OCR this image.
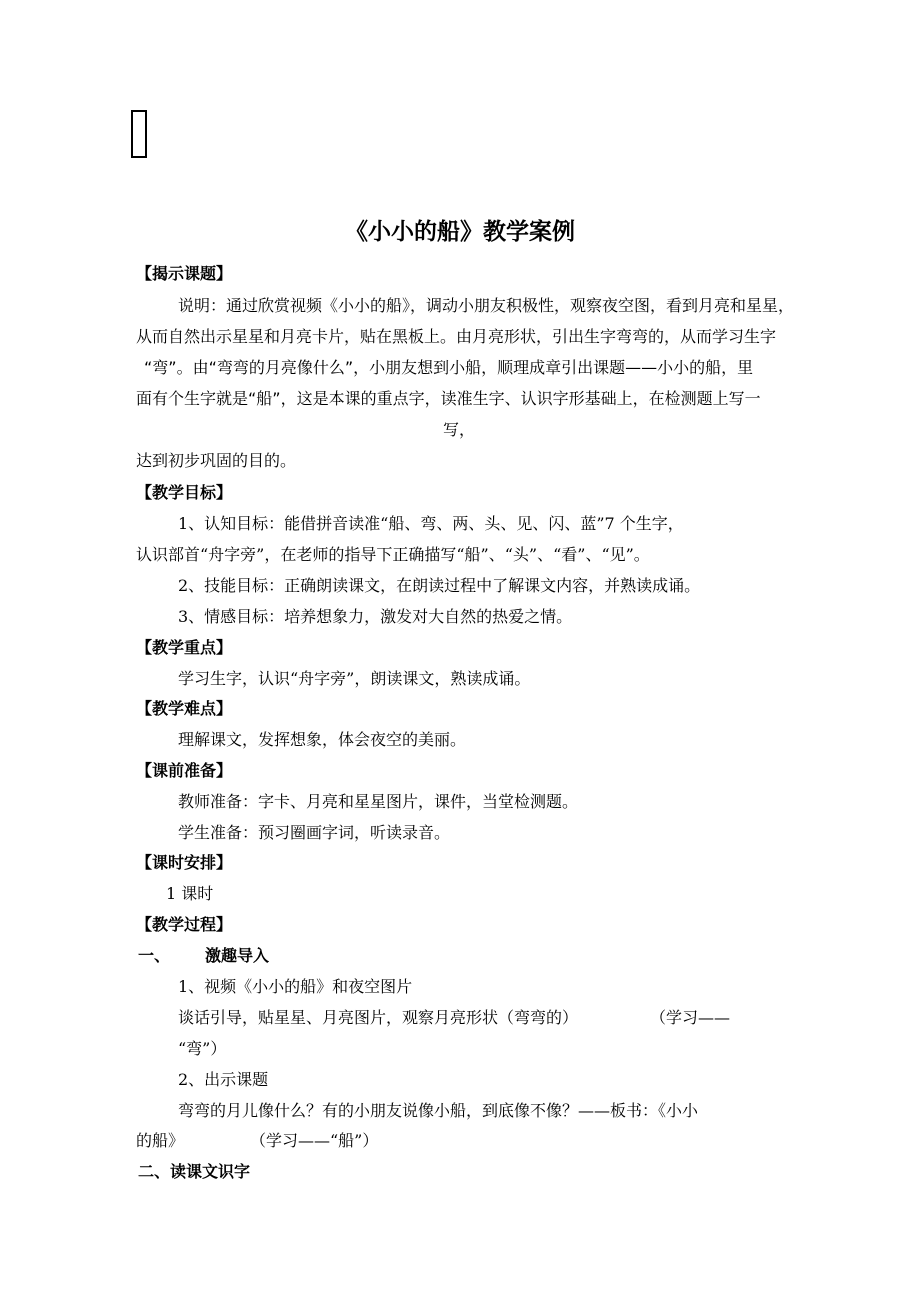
《小小的船》教学案例
【揭示课题】
说明：通过欣赏视频《小小的船》，调动小朋友积极性，观察夜空图，看到月亮和星星，
从而自然出示星星和月亮卡片，贴在黑板上。由月亮形状，引出生字弯弯的，从而学习生字
“弯”。由“弯弯的月亮像什么”，小朋友想到小船，顺理成章引出课题——小小的船，里
面有个生字就是“船”，这是本课的重点字，读准生字、认识字形基础上，在检测题上写一
写，
达到初步巩固的目的。
【教学目标】
1、认知目标：能借拼音读准“船、弯、两、头、见、闪、蓝”7 个生字，
认识部首“舟字旁”，在老师的指导下正确描写“船”、“头”、“看”、“见”。
2、技能目标：正确朗读课文，在朗读过程中了解课文内容，并熟读成诵。
3、情感目标：培养想象力，激发对大自然的热爱之情。
【教学重点】
学习生字，认识“舟字旁”，朗读课文，熟读成诵。
【教学难点】
理解课文，发挥想象，体会夜空的美丽。
【课前准备】
教师准备：字卡、月亮和星星图片，课件，当堂检测题。
学生准备：预习圈画字词，听读录音。
【课时安排】
1 课时
【教学过程】
一、 激趣导入
1、视频《小小的船》和夜空图片
谈话引导，贴星星、月亮图片，观察月亮形状（弯弯的）	（学习——
“弯”）
2、出示课题
弯弯的月儿像什么？有的小朋友说像小船，到底像不像？——板书：《小小
的船》	（学习——“船”）
二、读课文识字
